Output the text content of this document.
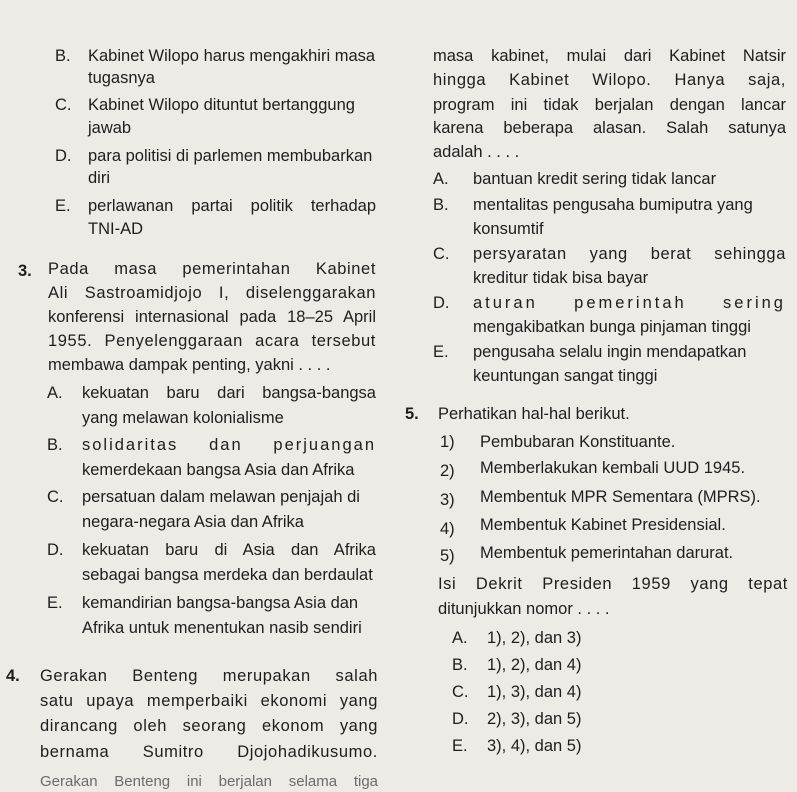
B. Kabinet Wilopo harus mengakhiri masa
tugasnya
C. Kabinet Wilopo dituntut bertanggung
jawab
D. para politisi di parlemen membubarkan
diri
E. perlawanan partai politik terhadap
TNI-AD
3. Pada masa pemerintahan Kabinet
Ali Sastroamidjojo I, diselenggarakan
konferensi internasional pada 18–25 April
1955. Penyelenggaraan acara tersebut
membawa dampak penting, yakni . . . .
A. kekuatan baru dari bangsa-bangsa
yang melawan kolonialisme
B. solidaritas dan perjuangan
kemerdekaan bangsa Asia dan Afrika
C. persatuan dalam melawan penjajah di
negara-negara Asia dan Afrika
D. kekuatan baru di Asia dan Afrika
sebagai bangsa merdeka dan berdaulat
E. kemandirian bangsa-bangsa Asia dan
Afrika untuk menentukan nasib sendiri
4. Gerakan Benteng merupakan salah
satu upaya memperbaiki ekonomi yang
dirancang oleh seorang ekonom yang
bernama Sumitro Djojohadikusumo.
Gerakan Benteng ini berjalan selama tiga
masa kabinet, mulai dari Kabinet Natsir
hingga Kabinet Wilopo. Hanya saja,
program ini tidak berjalan dengan lancar
karena beberapa alasan. Salah satunya
adalah . . . .
A. bantuan kredit sering tidak lancar
B. mentalitas pengusaha bumiputra yang
konsumtif
C. persyaratan yang berat sehingga
kreditur tidak bisa bayar
D. aturan pemerintah sering
mengakibatkan bunga pinjaman tinggi
E. pengusaha selalu ingin mendapatkan
keuntungan sangat tinggi
5. Perhatikan hal-hal berikut.
1) Pembubaran Konstituante.
2) Memberlakukan kembali UUD 1945.
3) Membentuk MPR Sementara (MPRS).
4) Membentuk Kabinet Presidensial.
5) Membentuk pemerintahan darurat.
Isi Dekrit Presiden 1959 yang tepat
ditunjukkan nomor . . . .
A. 1), 2), dan 3)
B. 1), 2), dan 4)
C. 1), 3), dan 4)
D. 2), 3), dan 5)
E. 3), 4), dan 5)
